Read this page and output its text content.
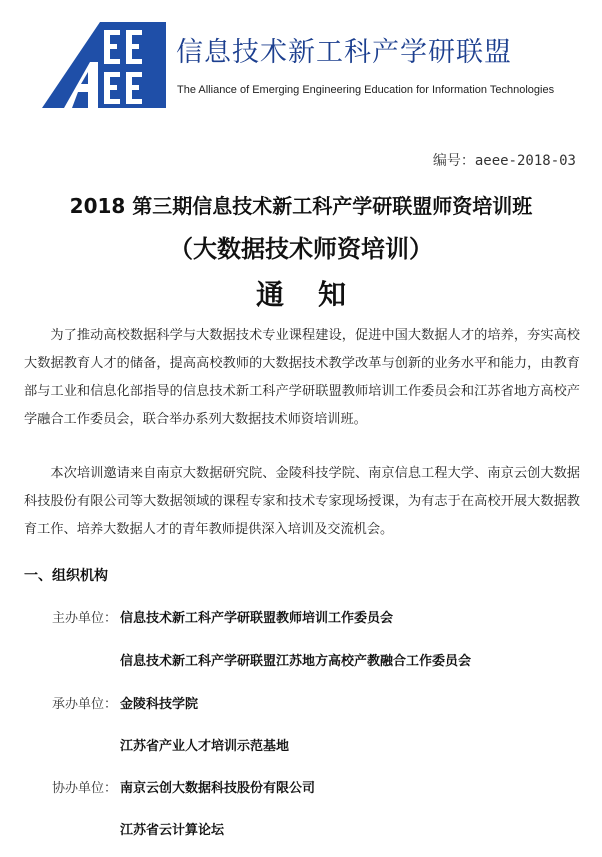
信息技术新工科产学研联盟
The Alliance of Emerging Engineering Education for Information Technologies
编号：aeee-2018-03
2018 第三期信息技术新工科产学研联盟师资培训班
（大数据技术师资培训）
通知
为了推动高校数据科学与大数据技术专业课程建设，促进中国大数据人才的培养，夯实高校大数据教育人才的储备，提高高校教师的大数据技术教学改革与创新的业务水平和能力，由教育部与工业和信息化部指导的信息技术新工科产学研联盟教师培训工作委员会和江苏省地方高校产学融合工作委员会，联合举办系列大数据技术师资培训班。
本次培训邀请来自南京大数据研究院、金陵科技学院、南京信息工程大学、南京云创大数据科技股份有限公司等大数据领域的课程专家和技术专家现场授课，为有志于在高校开展大数据教育工作、培养大数据人才的青年教师提供深入培训及交流机会。
一、组织机构
主办单位： 信息技术新工科产学研联盟教师培训工作委员会
信息技术新工科产学研联盟江苏地方高校产教融合工作委员会
承办单位： 金陵科技学院
江苏省产业人才培训示范基地
协办单位： 南京云创大数据科技股份有限公司
江苏省云计算论坛
